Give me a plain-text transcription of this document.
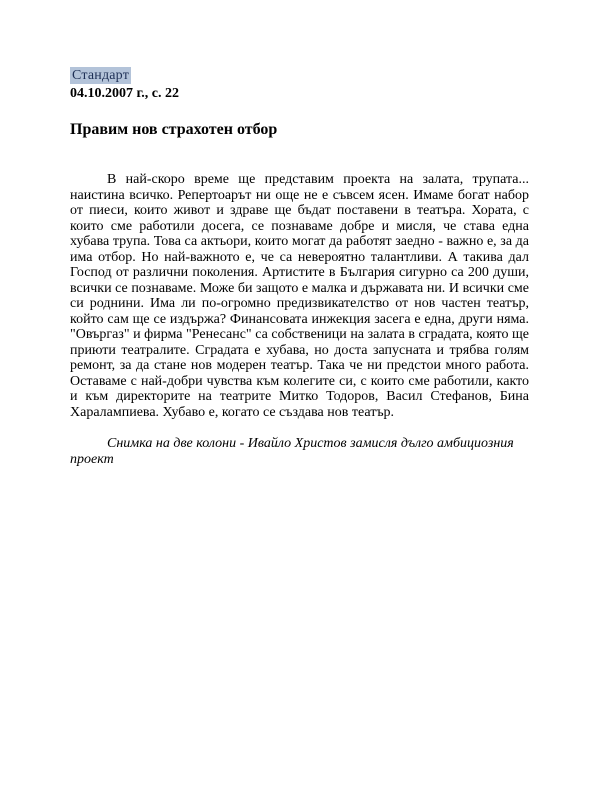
Стандарт
04.10.2007 г., с. 22
Правим нов страхотен отбор

В най-скоро време ще представим проекта на залата, трупата... наистина всичко. Репертоарът ни още не е съвсем ясен. Имаме богат набор от пиеси, които живот и здраве ще бъдат поставени в театъра. Хората, с които сме работили досега, се познаваме добре и мисля, че става една хубава трупа. Това са актьори, които могат да работят заедно - важно е, за да има отбор. Но най-важното е, че са невероятно талантливи. А такива дал Господ от различни поколения. Артистите в България сигурно са 200 души, всички се познаваме. Може би защото е малка и държавата ни. И всички сме си роднини. Има ли по-огромно предизвикателство от нов частен театър, който сам ще се издържа? Финансовата инжекция засега е една, други няма. "Овъргаз" и фирма "Ренесанс" са собственици на залата в сградата, която ще приюти театралите. Сградата е хубава, но доста запусната и трябва голям ремонт, за да стане нов модерен театър. Така че ни предстои много работа. Оставаме с най-добри чувства към колегите си, с които сме работили, както и към директорите на театрите Митко Тодоров, Васил Стефанов, Бина Харалампиева. Хубаво е, когато се създава нов театър.

Снимка на две колони - Ивайло Христов замисля дълго амбициозния проект
